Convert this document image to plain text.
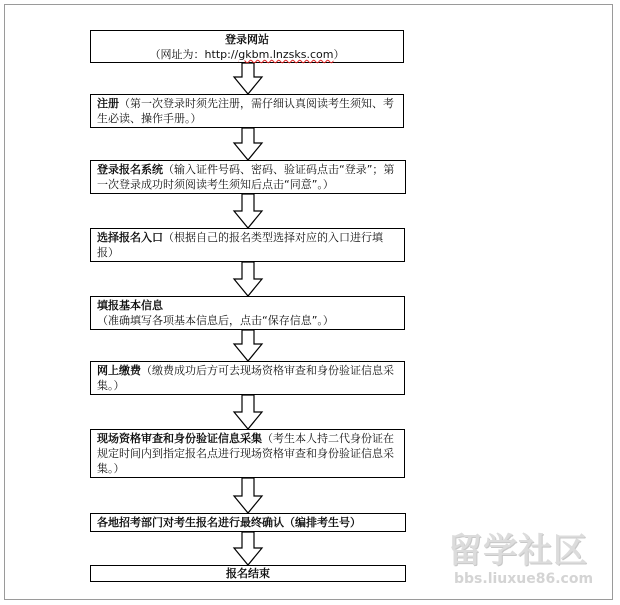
登录网站
（网址为：http://gkbm.lnzsks.com）
注册（第一次登录时须先注册，需仔细认真阅读考生须知、考生必读、操作手册。）
登录报名系统（输入证件号码、密码、验证码点击“登录”；第一次登录成功时须阅读考生须知后点击“同意”。）
选择报名入口（根据自己的报名类型选择对应的入口进行填报）
填报基本信息（准确填写各项基本信息后，点击“保存信息”。）
网上缴费（缴费成功后方可去现场资格审查和身份验证信息采集。）
现场资格审查和身份验证信息采集（考生本人持二代身份证在规定时间内到指定报名点进行现场资格审查和身份验证信息采集。）
各地招考部门对考生报名进行最终确认（编排考生号）
报名结束
留学社区
bbs.liuxue86.com
